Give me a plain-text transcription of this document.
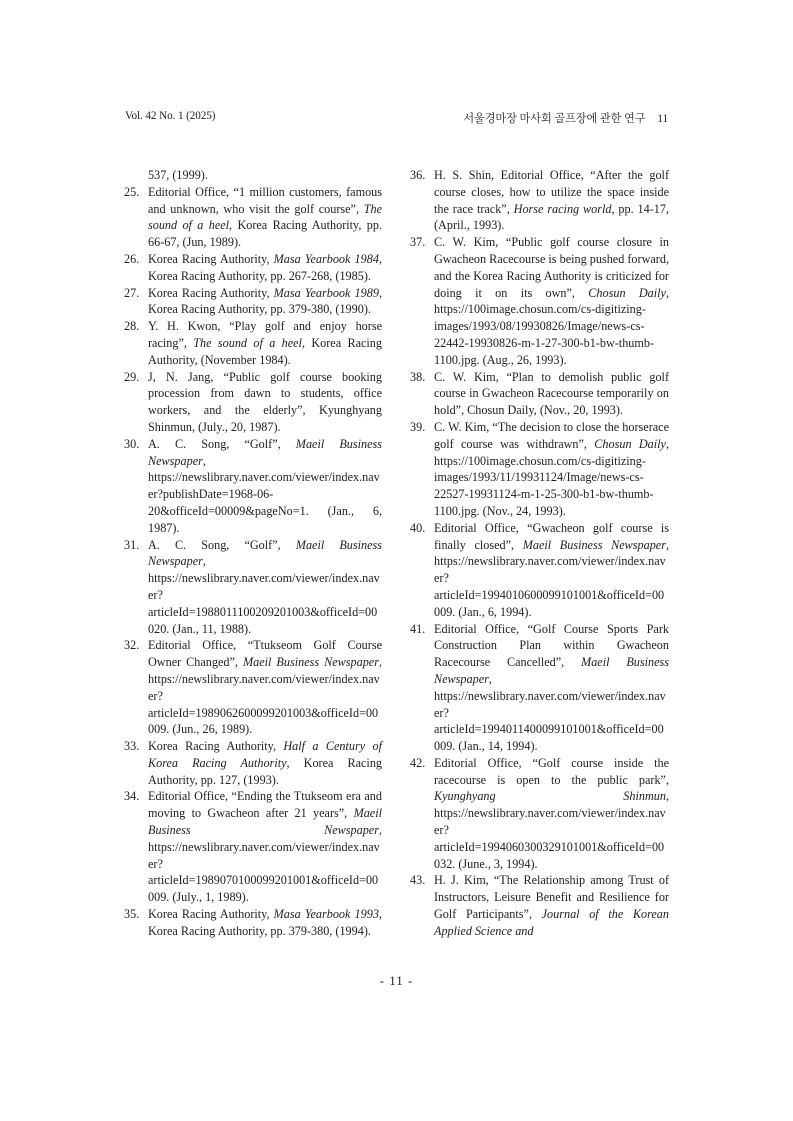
Vol. 42 No. 1 (2025)	서울경마장 마사회 골프장에 관한 연구 11
537, (1999).
25. Editorial Office, “1 million customers, famous and unknown, who visit the golf course”, The sound of a heel, Korea Racing Authority, pp. 66-67, (Jun, 1989).
26. Korea Racing Authority, Masa Yearbook 1984, Korea Racing Authority, pp. 267-268, (1985).
27. Korea Racing Authority, Masa Yearbook 1989, Korea Racing Authority, pp. 379-380, (1990).
28. Y. H. Kwon, “Play golf and enjoy horse racing”, The sound of a heel, Korea Racing Authority, (November 1984).
29. J, N. Jang, “Public golf course booking procession from dawn to students, office workers, and the elderly”, Kyunghyang Shinmun, (July., 20, 1987).
30. A. C. Song, “Golf”, Maeil Business Newspaper, https://newslibrary.naver.com/viewer/index.naver?publishDate=1968-06-20&officeId=00009&pageNo=1. (Jan., 6, 1987).
31. A. C. Song, “Golf”, Maeil Business Newspaper, https://newslibrary.naver.com/viewer/index.naver?articleId=1988011100209201003&officeId=00020. (Jan., 11, 1988).
32. Editorial Office, “Ttukseom Golf Course Owner Changed”, Maeil Business Newspaper, https://newslibrary.naver.com/viewer/index.naver?articleId=1989062600099201003&officeId=00009. (Jun., 26, 1989).
33. Korea Racing Authority, Half a Century of Korea Racing Authority, Korea Racing Authority, pp. 127, (1993).
34. Editorial Office, “Ending the Ttukseom era and moving to Gwacheon after 21 years”, Maeil Business Newspaper, https://newslibrary.naver.com/viewer/index.naver?articleId=1989070100099201001&officeId=00009. (July., 1, 1989).
35. Korea Racing Authority, Masa Yearbook 1993, Korea Racing Authority, pp. 379-380, (1994).
36. H. S. Shin, Editorial Office, “After the golf course closes, how to utilize the space inside the race track”, Horse racing world, pp. 14-17, (April., 1993).
37. C. W. Kim, “Public golf course closure in Gwacheon Racecourse is being pushed forward, and the Korea Racing Authority is criticized for doing it on its own”, Chosun Daily, https://100image.chosun.com/cs-digitizing-images/1993/08/19930826/Image/news-cs-22442-19930826-m-1-27-300-b1-bw-thumb-1100.jpg. (Aug., 26, 1993).
38. C. W. Kim, “Plan to demolish public golf course in Gwacheon Racecourse temporarily on hold”, Chosun Daily, (Nov., 20, 1993).
39. C. W. Kim, “The decision to close the horserace golf course was withdrawn”, Chosun Daily, https://100image.chosun.com/cs-digitizing-images/1993/11/19931124/Image/news-cs-22527-19931124-m-1-25-300-b1-bw-thumb-1100.jpg. (Nov., 24, 1993).
40. Editorial Office, “Gwacheon golf course is finally closed”, Maeil Business Newspaper, https://newslibrary.naver.com/viewer/index.naver?articleId=1994010600099101001&officeId=00009. (Jan., 6, 1994).
41. Editorial Office, “Golf Course Sports Park Construction Plan within Gwacheon Racecourse Cancelled”, Maeil Business Newspaper, https://newslibrary.naver.com/viewer/index.naver?articleId=1994011400099101001&officeId=00009. (Jan., 14, 1994).
42. Editorial Office, “Golf course inside the racecourse is open to the public park”, Kyunghyang Shinmun, https://newslibrary.naver.com/viewer/index.naver?articleId=1994060300329101001&officeId=00032. (June., 3, 1994).
43. H. J. Kim, “The Relationship among Trust of Instructors, Leisure Benefit and Resilience for Golf Participants”, Journal of the Korean Applied Science and
- 11 -
